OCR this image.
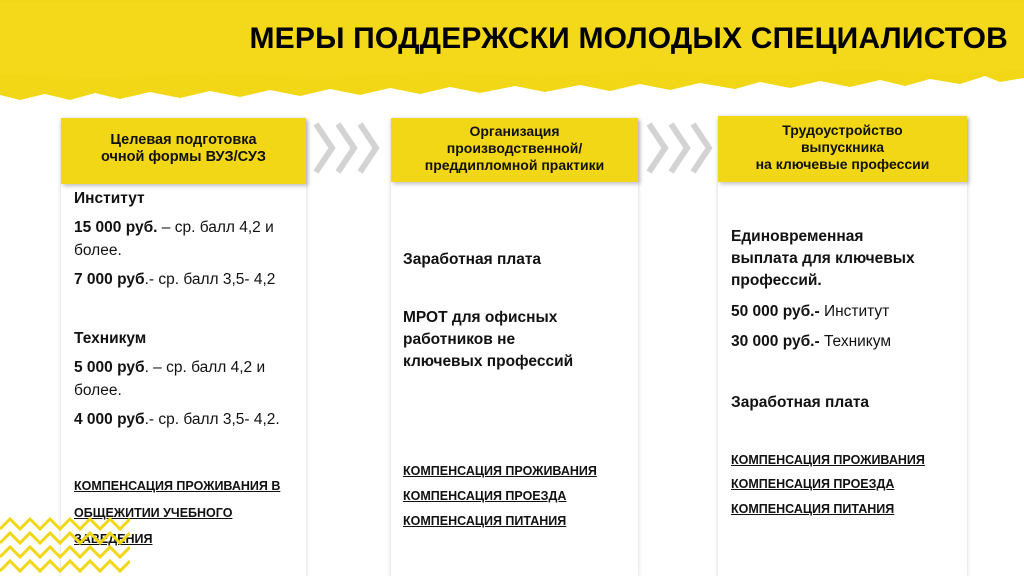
МЕРЫ ПОДДЕРЖСКИ МОЛОДЫХ СПЕЦИАЛИСТОВ
Целевая подготовка
очной формы ВУЗ/СУЗ
Институт
15 000 руб. – ср. балл 4,2 и
более.
7 000 руб.- ср. балл 3,5- 4,2
Техникум
5 000 руб. – ср. балл 4,2 и
более.
4 000 руб.- ср. балл 3,5- 4,2.
КОМПЕНСАЦИЯ ПРОЖИВАНИЯ В
ОБЩЕЖИТИИ УЧЕБНОГО
ЗАВЕДЕНИЯ
Организация
производственной/
преддипломной практики
Заработная плата
МРОТ для офисных
работников не
ключевых профессий
КОМПЕНСАЦИЯ ПРОЖИВАНИЯ
КОМПЕНСАЦИЯ ПРОЕЗДА
КОМПЕНСАЦИЯ ПИТАНИЯ
Трудоустройство
выпускника
на ключевые профессии
Единовременная
выплата для ключевых
профессий.
50 000 руб.- Институт
30 000 руб.- Техникум
Заработная плата
КОМПЕНСАЦИЯ ПРОЖИВАНИЯ
КОМПЕНСАЦИЯ ПРОЕЗДА
КОМПЕНСАЦИЯ ПИТАНИЯ
